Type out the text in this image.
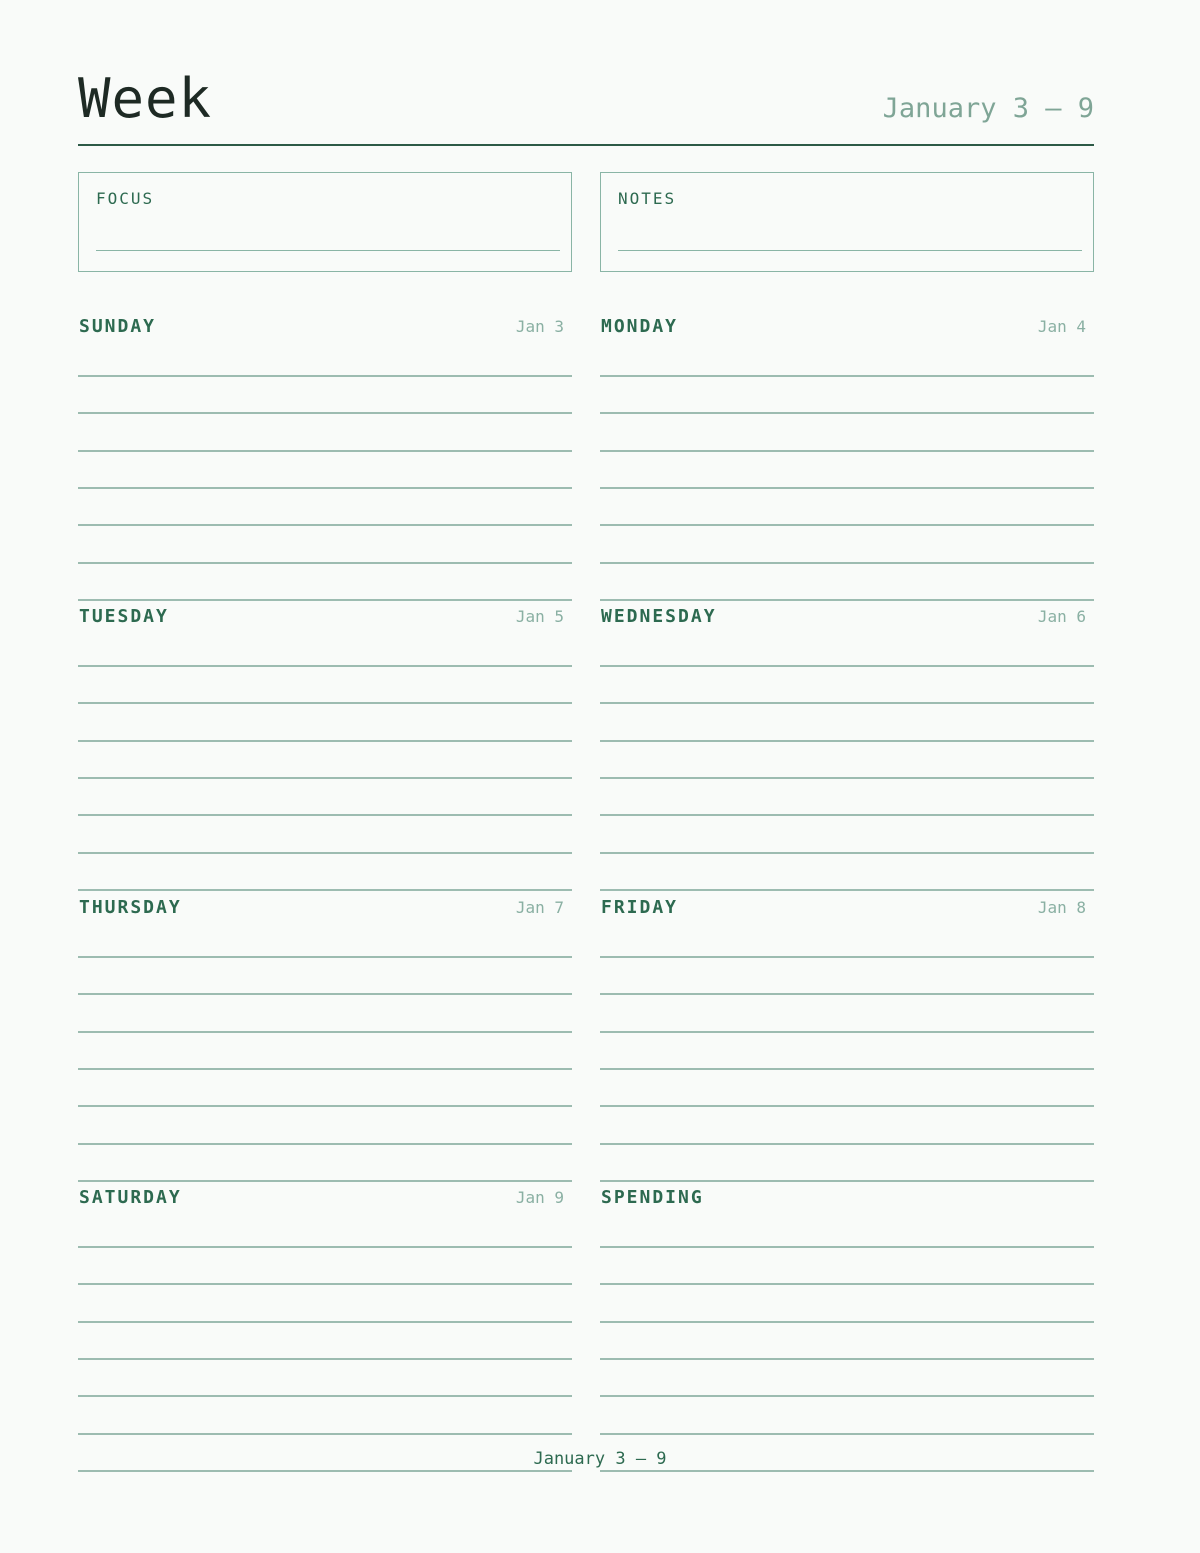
Week	January 3 – 9
FOCUS	NOTES
SUNDAY	Jan 3 MONDAY	Jan 4
TUESDAY	Jan 5 WEDNESDAY	Jan 6
THURSDAY	Jan 7 FRIDAY	Jan 8
SATURDAY	Jan 9 SPENDING
January 3 – 9
